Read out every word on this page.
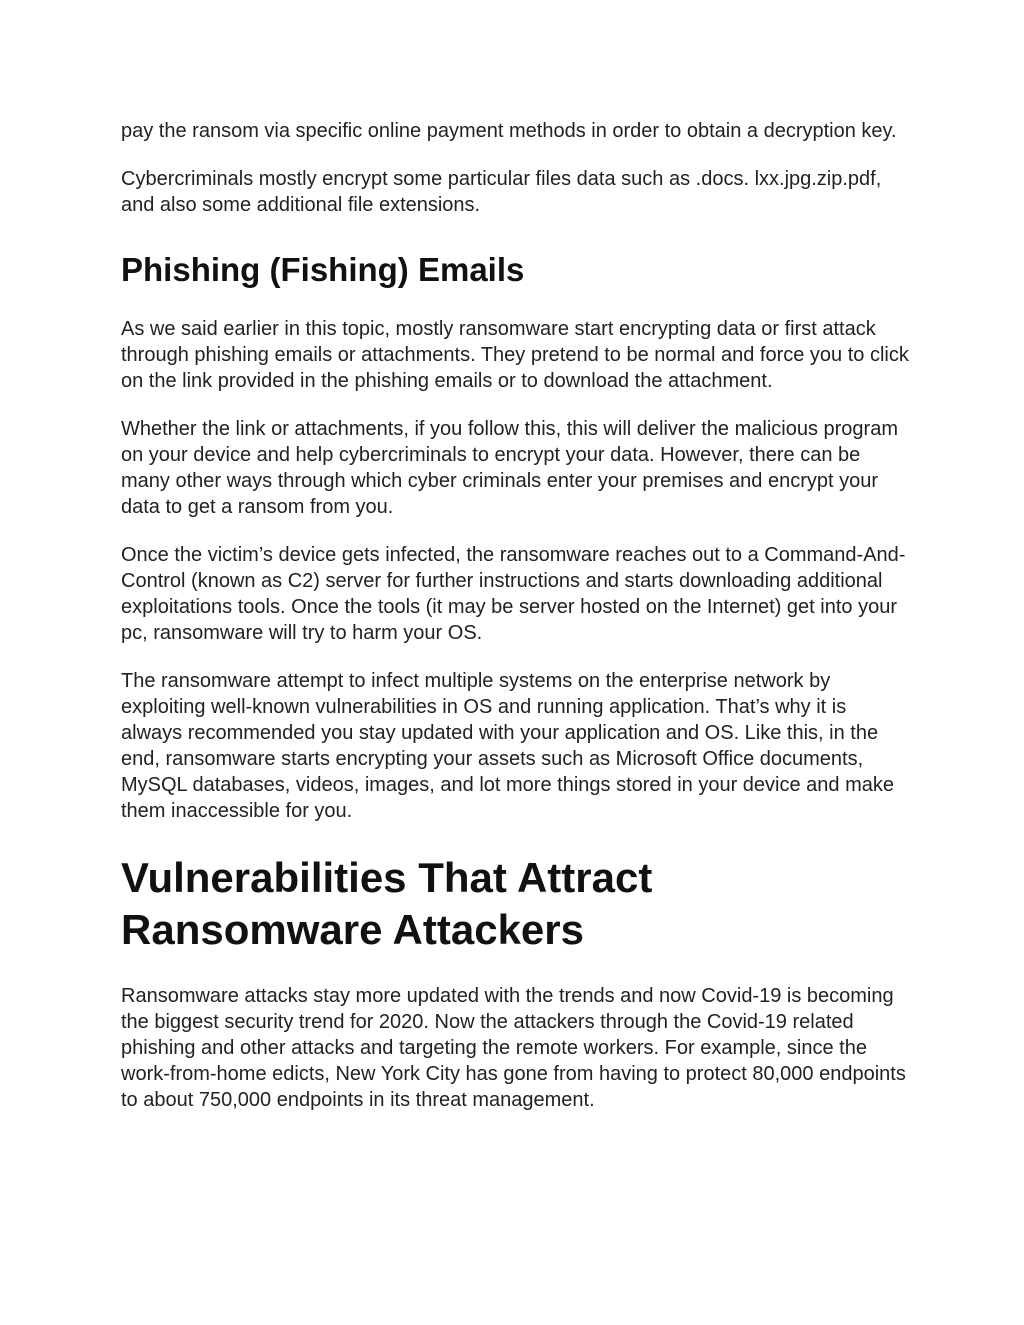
pay the ransom via specific online payment methods in order to obtain a decryption key.

Cybercriminals mostly encrypt some particular files data such as .docs. lxx.jpg.zip.pdf, and also some additional file extensions.

Phishing (Fishing) Emails

As we said earlier in this topic, mostly ransomware start encrypting data or first attack through phishing emails or attachments. They pretend to be normal and force you to click on the link provided in the phishing emails or to download the attachment.

Whether the link or attachments, if you follow this, this will deliver the malicious program on your device and help cybercriminals to encrypt your data. However, there can be many other ways through which cyber criminals enter your premises and encrypt your data to get a ransom from you.

Once the victim’s device gets infected, the ransomware reaches out to a Command-And-Control (known as C2) server for further instructions and starts downloading additional exploitations tools. Once the tools (it may be server hosted on the Internet) get into your pc, ransomware will try to harm your OS.

The ransomware attempt to infect multiple systems on the enterprise network by exploiting well-known vulnerabilities in OS and running application. That’s why it is always recommended you stay updated with your application and OS. Like this, in the end, ransomware starts encrypting your assets such as Microsoft Office documents, MySQL databases, videos, images, and lot more things stored in your device and make them inaccessible for you.

Vulnerabilities That Attract Ransomware Attackers

Ransomware attacks stay more updated with the trends and now Covid-19 is becoming the biggest security trend for 2020. Now the attackers through the Covid-19 related phishing and other attacks and targeting the remote workers. For example, since the work-from-home edicts, New York City has gone from having to protect 80,000 endpoints to about 750,000 endpoints in its threat management.
